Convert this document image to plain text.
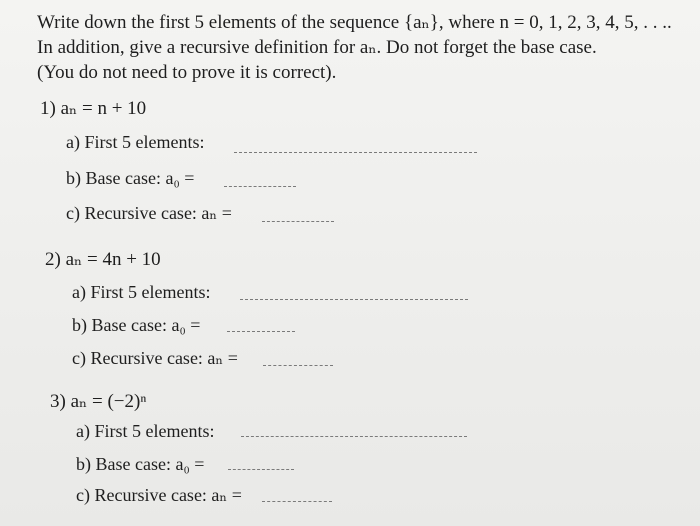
Write down the first 5 elements of the sequence {aₙ}, where n = 0, 1, 2, 3, 4, 5, . . ..
In addition, give a recursive definition for aₙ. Do not forget the base case.
(You do not need to prove it is correct).
1) aₙ = n + 10
a) First 5 elements:
b) Base case: a₀ =
c) Recursive case: aₙ =
2) aₙ = 4n + 10
a) First 5 elements:
b) Base case: a₀ =
c) Recursive case: aₙ =
3) aₙ = (−2)ⁿ
a) First 5 elements:
b) Base case: a₀ =
c) Recursive case: aₙ =
